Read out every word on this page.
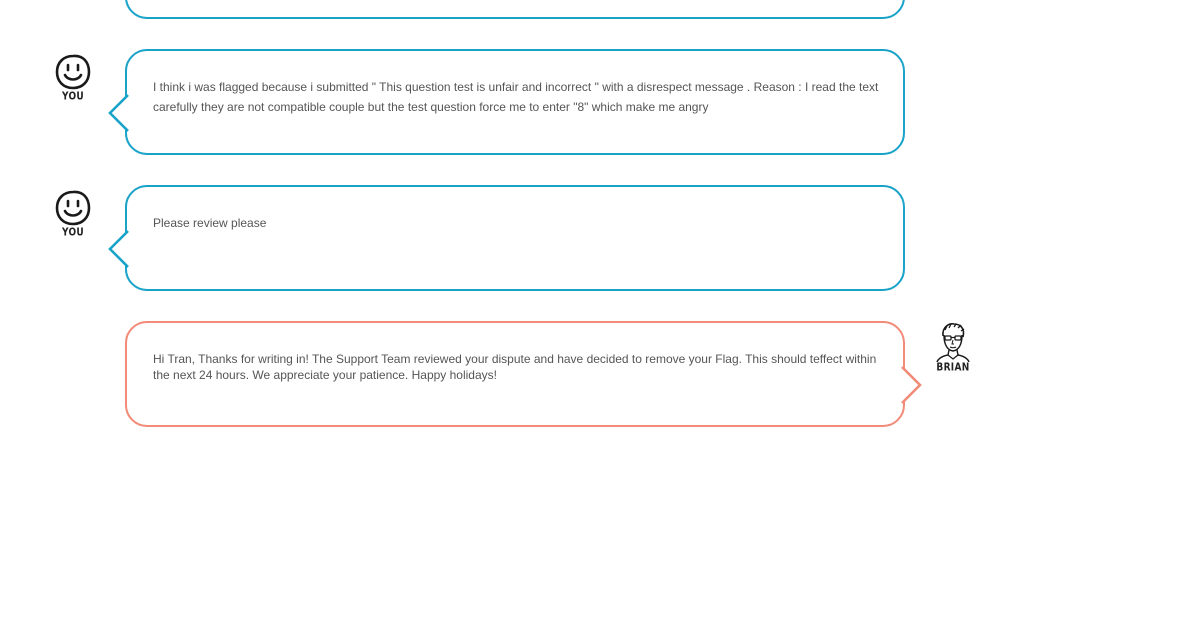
YOU

I think i was flagged because i submitted " This question test is unfair and incorrect " with a disrespect message . Reason : I read the text carefully they are not compatible couple but the test question force me to enter "8" which make me angry

YOU

Please review please

Hi Tran, Thanks for writing in! The Support Team reviewed your dispute and have decided to remove your Flag. This should teffect within the next 24 hours. We appreciate your patience. Happy holidays!	BRIAN
